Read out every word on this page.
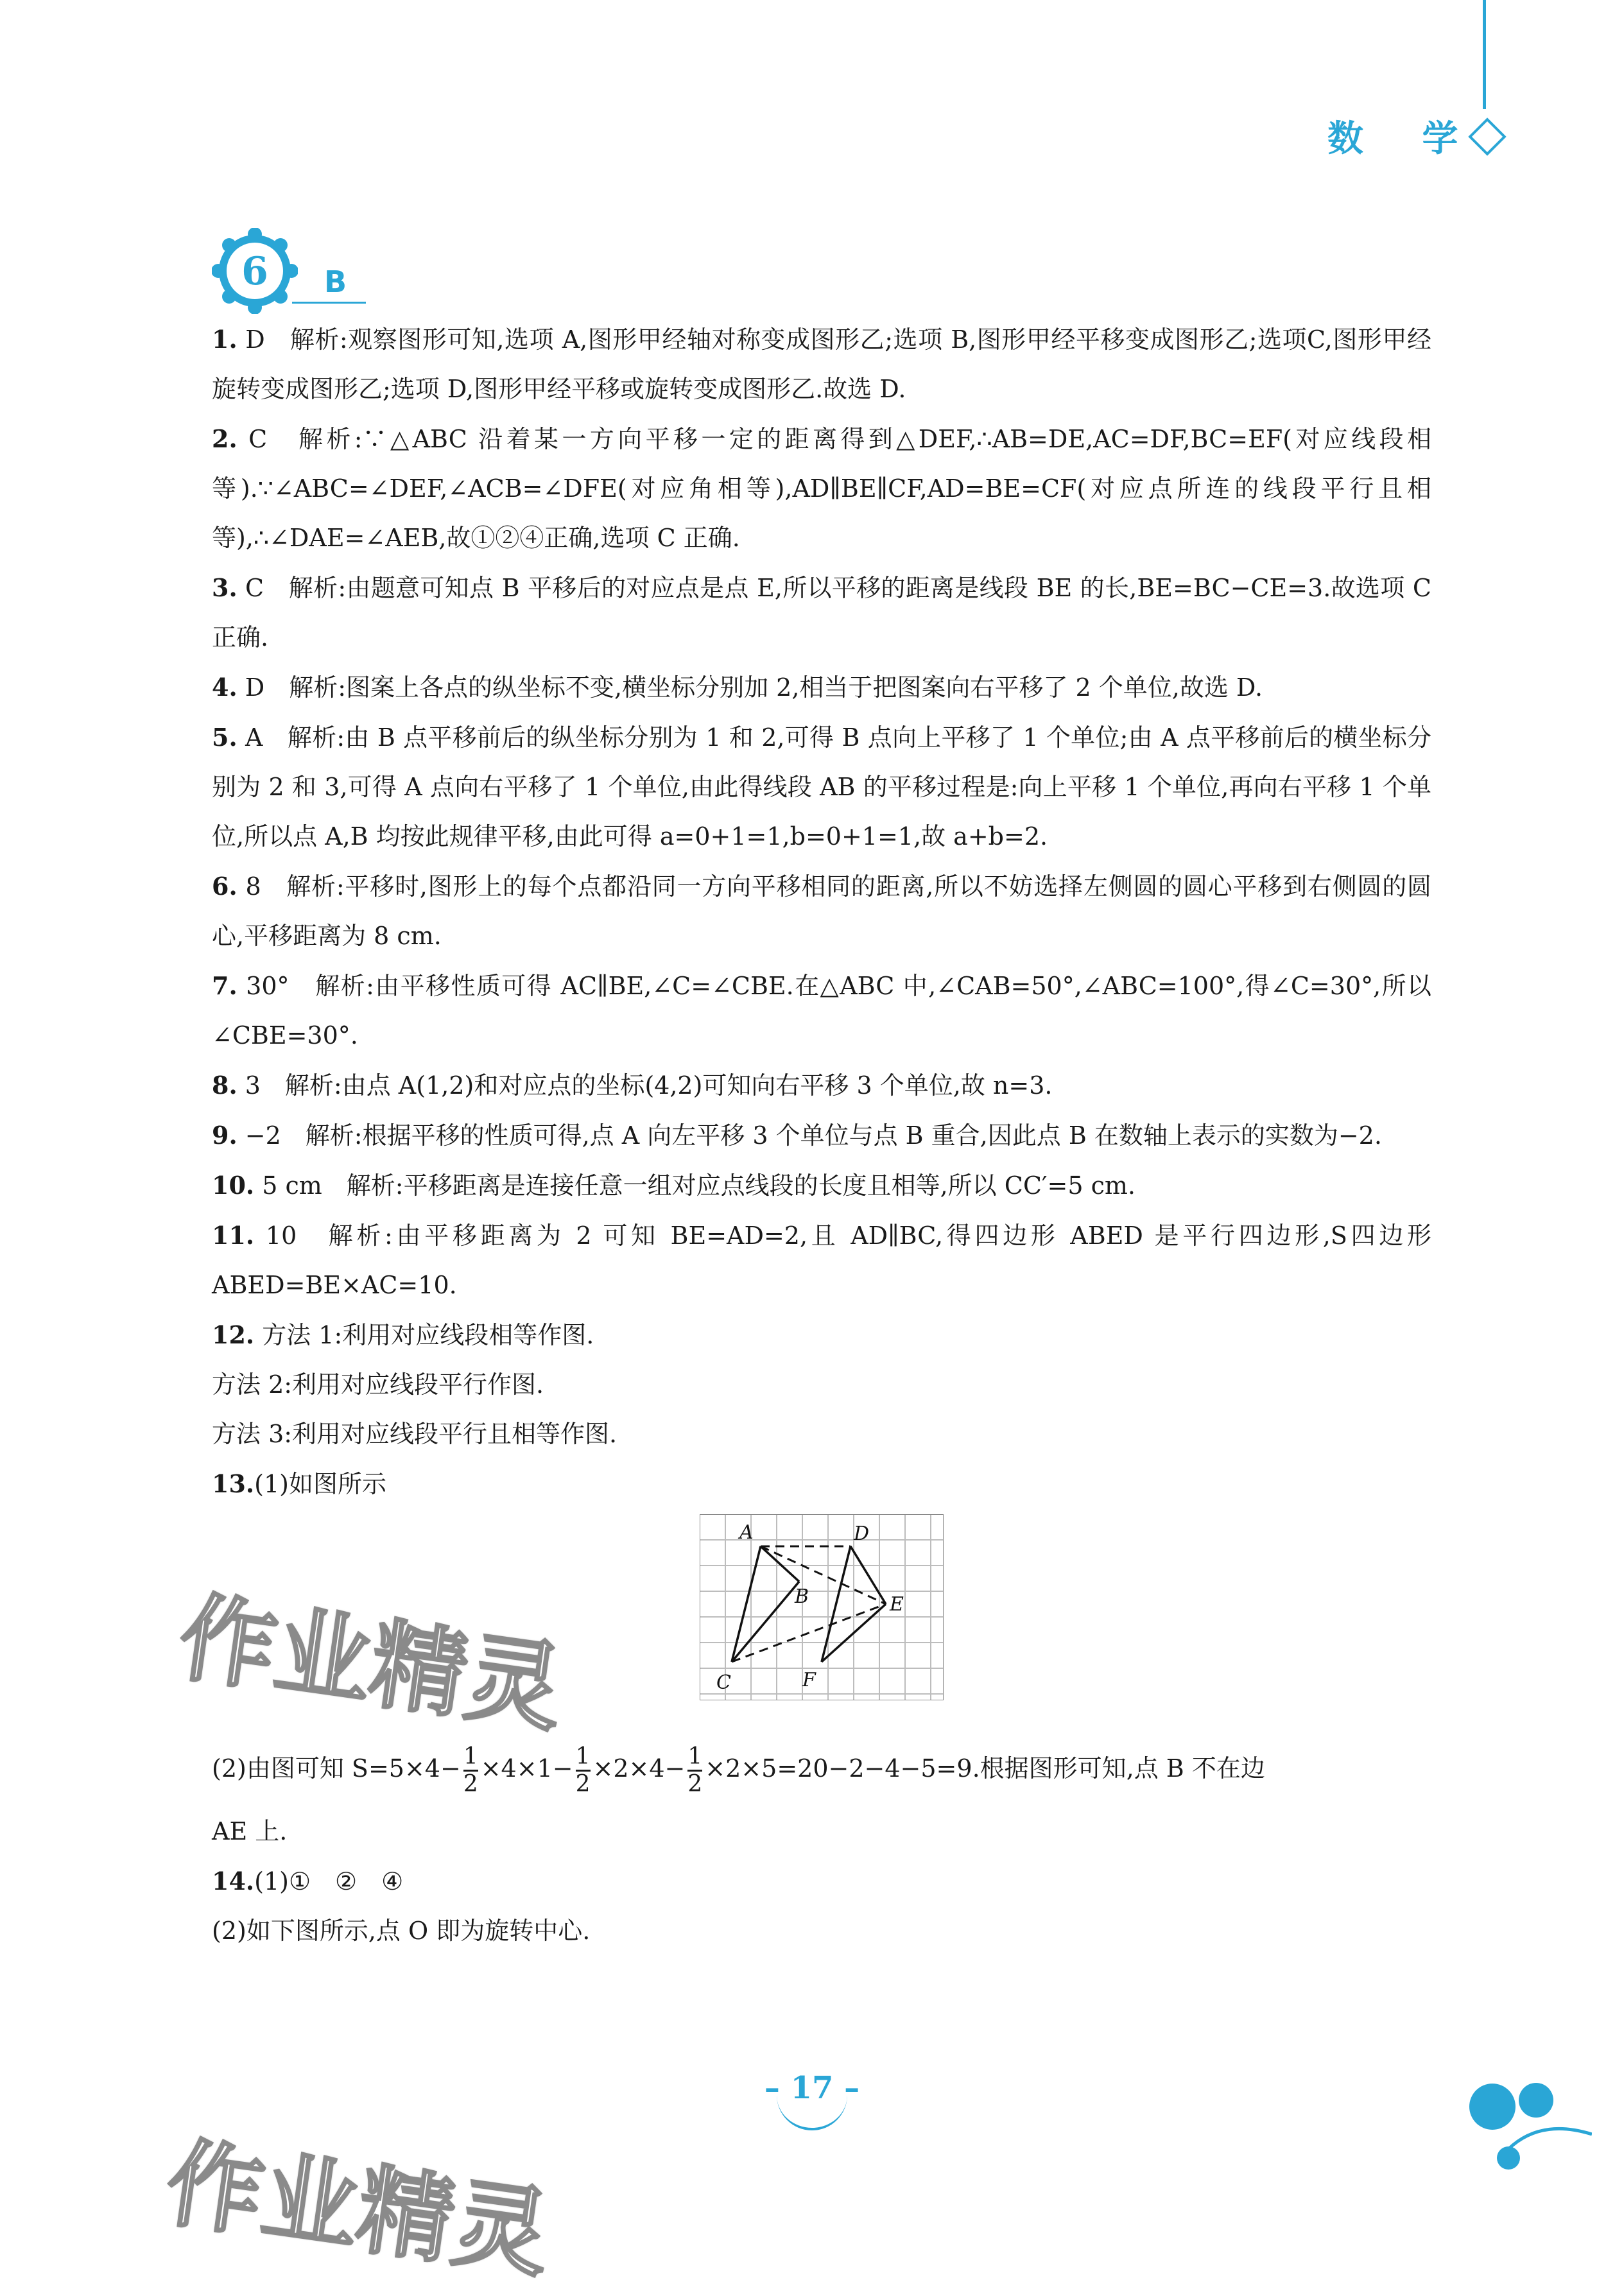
数 学
6 B

1. D　解析:观察图形可知,选项 A,图形甲经轴对称变成图形乙;选项 B,图形甲经平移变成图形乙;选项C,图形甲经旋转变成图形乙;选项 D,图形甲经平移或旋转变成图形乙.故选 D.

2. C　解析:∵△ABC 沿着某一方向平移一定的距离得到△DEF,∴AB=DE,AC=DF,BC=EF(对应线段相等).∵∠ABC=∠DEF,∠ACB=∠DFE(对应角相等),AD∥BE∥CF,AD=BE=CF(对应点所连的线段平行且相等),∴∠DAE=∠AEB,故①②④正确,选项 C 正确.

3. C　解析:由题意可知点 B 平移后的对应点是点 E,所以平移的距离是线段 BE 的长,BE=BC−CE=3.故选项 C 正确.

4. D　解析:图案上各点的纵坐标不变,横坐标分别加 2,相当于把图案向右平移了 2 个单位,故选 D.

5. A　解析:由 B 点平移前后的纵坐标分别为 1 和 2,可得 B 点向上平移了 1 个单位;由 A 点平移前后的横坐标分别为 2 和 3,可得 A 点向右平移了 1 个单位,由此得线段 AB 的平移过程是:向上平移 1 个单位,再向右平移 1 个单位,所以点 A,B 均按此规律平移,由此可得 a=0+1=1,b=0+1=1,故 a+b=2.

6. 8　解析:平移时,图形上的每个点都沿同一方向平移相同的距离,所以不妨选择左侧圆的圆心平移到右侧圆的圆心,平移距离为 8 cm.

7. 30°　解析:由平移性质可得 AC∥BE,∠C=∠CBE.在△ABC 中,∠CAB=50°,∠ABC=100°,得∠C=30°,所以∠CBE=30°.

8. 3　解析:由点 A(1,2)和对应点的坐标(4,2)可知向右平移 3 个单位,故 n=3.

9. −2　解析:根据平移的性质可得,点 A 向左平移 3 个单位与点 B 重合,因此点 B 在数轴上表示的实数为−2.

10. 5 cm　解析:平移距离是连接任意一组对应点线段的长度且相等,所以 CC′=5 cm.

11. 10　解析:由平移距离为 2 可知 BE=AD=2,且 AD∥BC,得四边形 ABED 是平行四边形,S四边形ABED=BE×AC=10.

12. 方法 1:利用对应线段相等作图.

方法 2:利用对应线段平行作图.

方法 3:利用对应线段平行且相等作图.

13.(1)如图所示

A
B
C
D
E
F
(2)由图可知 $S=5\times 4- \frac{1}{2} \times 4\times 1- \frac{1}{2} \times 2\times 4- \frac{1}{2} \times 2\times 5=20-2-4-5=9$.根据图形可知,点 B 不在边

AE 上.

14.(1)①　②　④

(2)如下图所示,点 O 即为旋转中心.

作业精灵
作业精灵
– 17 –
